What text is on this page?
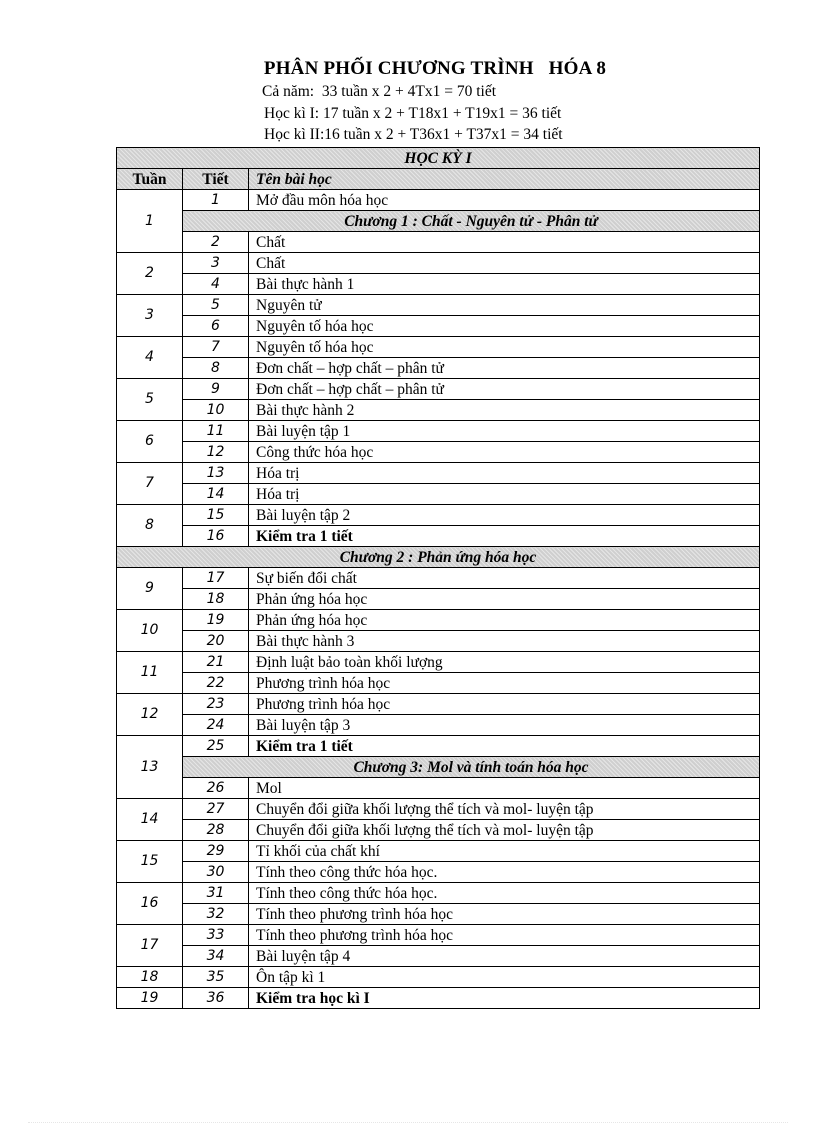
PHÂN PHỐI CHƯƠNG TRÌNH   HÓA 8
Cả năm:  33 tuần x 2 + 4Tx1 = 70 tiết
Học kì I: 17 tuần x 2 + T18x1 + T19x1 = 36 tiết
Học kì II:16 tuần x 2 + T36x1 + T37x1 = 34 tiết
HỌC KỲ I		
Tuần	Tiết	Tên bài học
1	1	Mở đầu môn hóa học
	Chương 1 : Chất - Nguyên tử - Phân tử	
	2	Chất
2	3	Chất
	4	Bài thực hành 1
3	5	Nguyên tử
	6	Nguyên tố hóa học
4	7	Nguyên tố hóa học
	8	Đơn chất – hợp chất – phân tử
5	9	Đơn chất – hợp chất – phân tử
	10	Bài thực hành 2
6	11	Bài luyện tập 1
	12	Công thức hóa học
7	13	Hóa trị
	14	Hóa trị
8	15	Bài luyện tập 2
	16	Kiểm tra 1 tiết
Chương 2 : Phản ứng hóa học		
9	17	Sự biến đổi chất
	18	Phản ứng hóa học
10	19	Phản ứng hóa học
	20	Bài thực hành 3
11	21	Định luật bảo toàn khối lượng
	22	Phương trình hóa học
12	23	Phương trình hóa học
	24	Bài luyện tập 3
13	25	Kiểm tra 1 tiết
	Chương 3: Mol và tính toán hóa học	
	26	Mol
14	27	Chuyển đổi giữa khối lượng thể tích và mol- luyện tập
	28	Chuyển đổi giữa khối lượng thể tích và mol- luyện tập
15	29	Tỉ khối của chất khí
	30	Tính theo công thức hóa học.
16	31	Tính theo công thức hóa học.
	32	Tính theo phương trình hóa học
17	33	Tính theo phương trình hóa học
	34	Bài luyện tập 4
18	35	Ôn tập kì 1
19	36	Kiểm tra học kì I
